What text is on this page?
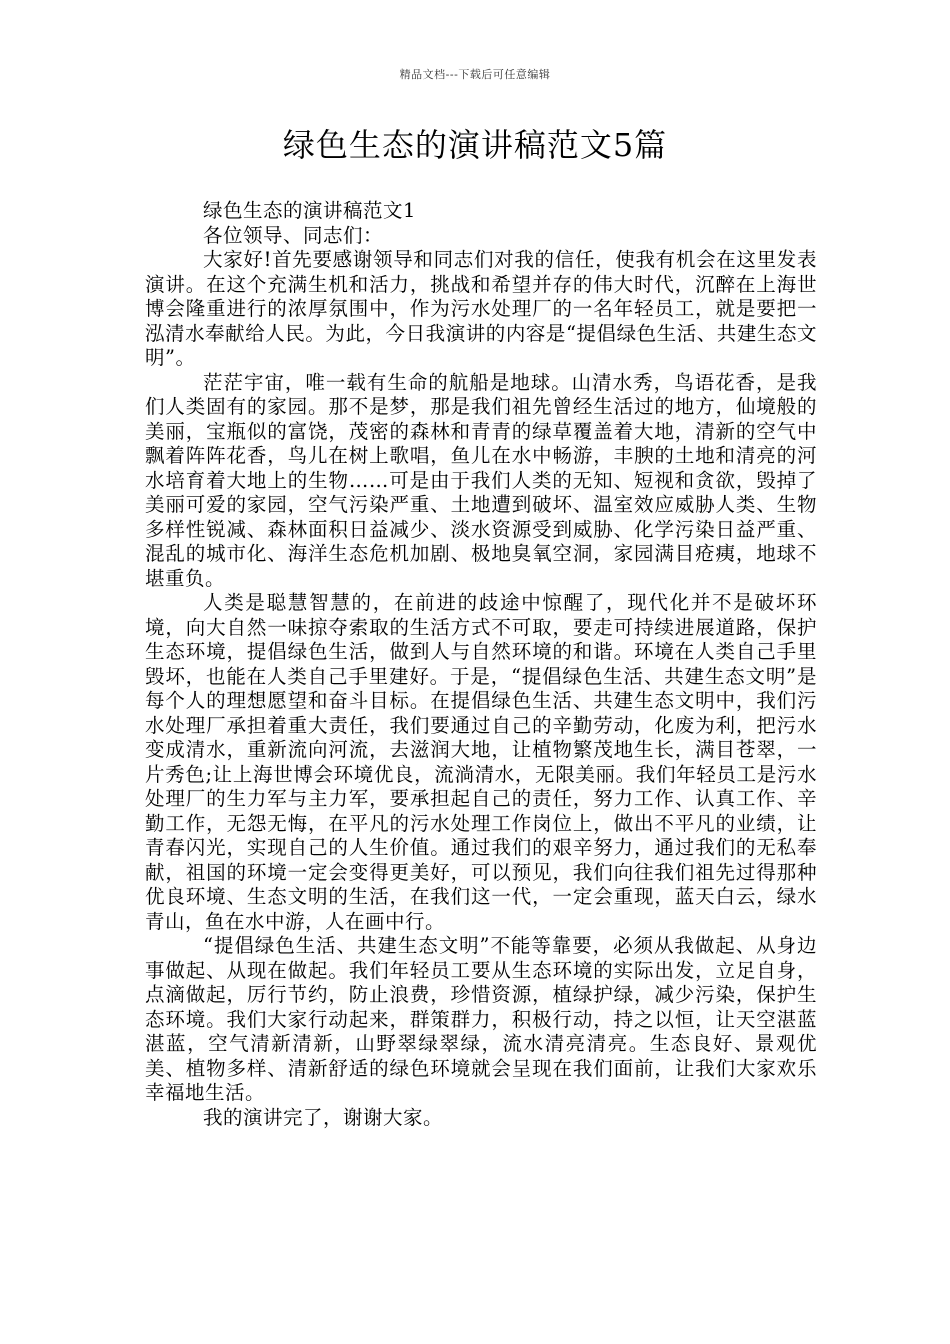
精品文档---下载后可任意编辑
绿色生态的演讲稿范文5篇

绿色生态的演讲稿范文1

各位领导、同志们：

大家好!首先要感谢领导和同志们对我的信任，使我有机会在这里发表演讲。在这个充满生机和活力，挑战和希望并存的伟大时代，沉醉在上海世博会隆重进行的浓厚氛围中，作为污水处理厂的一名年轻员工，就是要把一泓清水奉献给人民。为此，今日我演讲的内容是“提倡绿色生活、共建生态文明”。

茫茫宇宙，唯一载有生命的航船是地球。山清水秀，鸟语花香，是我们人类固有的家园。那不是梦，那是我们祖先曾经生活过的地方，仙境般的美丽，宝瓶似的富饶，茂密的森林和青青的绿草覆盖着大地，清新的空气中飘着阵阵花香，鸟儿在树上歌唱，鱼儿在水中畅游，丰腴的土地和清亮的河水培育着大地上的生物……可是由于我们人类的无知、短视和贪欲，毁掉了美丽可爱的家园，空气污染严重、土地遭到破坏、温室效应威胁人类、生物多样性锐减、森林面积日益减少、淡水资源受到威胁、化学污染日益严重、混乱的城市化、海洋生态危机加剧、极地臭氧空洞，家园满目疮痍，地球不堪重负。

人类是聪慧智慧的，在前进的歧途中惊醒了，现代化并不是破坏环境，向大自然一味掠夺索取的生活方式不可取，要走可持续进展道路，保护生态环境，提倡绿色生活，做到人与自然环境的和谐。环境在人类自己手里毁坏，也能在人类自己手里建好。于是，“提倡绿色生活、共建生态文明”是每个人的理想愿望和奋斗目标。在提倡绿色生活、共建生态文明中，我们污水处理厂承担着重大责任，我们要通过自己的辛勤劳动，化废为利，把污水变成清水，重新流向河流，去滋润大地，让植物繁茂地生长，满目苍翠，一片秀色;让上海世博会环境优良，流淌清水，无限美丽。我们年轻员工是污水处理厂的生力军与主力军，要承担起自己的责任，努力工作、认真工作、辛勤工作，无怨无悔，在平凡的污水处理工作岗位上，做出不平凡的业绩，让青春闪光，实现自己的人生价值。通过我们的艰辛努力，通过我们的无私奉献，祖国的环境一定会变得更美好，可以预见，我们向往我们祖先过得那种优良环境、生态文明的生活，在我们这一代，一定会重现，蓝天白云，绿水青山，鱼在水中游，人在画中行。

“提倡绿色生活、共建生态文明”不能等靠要，必须从我做起、从身边事做起、从现在做起。我们年轻员工要从生态环境的实际出发，立足自身，点滴做起，厉行节约，防止浪费，珍惜资源，植绿护绿，减少污染，保护生态环境。我们大家行动起来，群策群力，积极行动，持之以恒，让天空湛蓝湛蓝，空气清新清新，山野翠绿翠绿，流水清亮清亮。生态良好、景观优美、植物多样、清新舒适的绿色环境就会呈现在我们面前，让我们大家欢乐幸福地生活。

我的演讲完了，谢谢大家。
